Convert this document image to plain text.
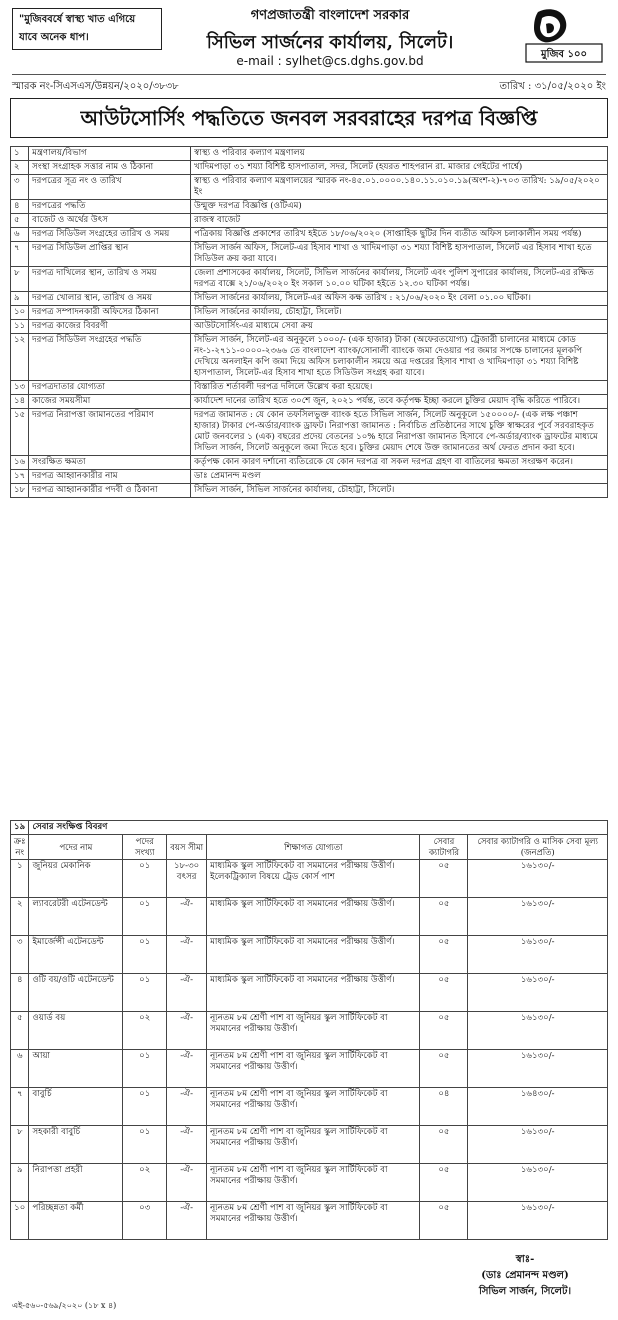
"মুজিববর্ষে স্বাস্থ্য খাত এগিয়ে যাবে অনেক ধাপ।
গণপ্রজাতন্ত্রী বাংলাদেশ সরকার
সিভিল সার্জনের কার্যালয়, সিলেট।
e-mail : sylhet@cs.dghs.gov.bd	মুজিব ১০০
স্মারক নং-সিএসএস/উন্নয়ন/২০২০/৩৮৩৮	তারিখ : ৩১/০৫/২০২০ ইং
আউটসোর্সিং পদ্ধতিতে জনবল সরবরাহের দরপত্র বিজ্ঞপ্তি
১	মন্ত্রণালয়/বিভাগ	স্বাস্থ্য ও পরিবার কল্যাণ মন্ত্রণালয়
২	সংস্থা সংগ্রাহক সত্তার নাম ও ঠিকানা	খাদিমপাড়া ৩১ শয্যা বিশিষ্ট হাসপাতাল, সদর, সিলেট (হযরত শাহপরান রা. মাজার গেইটের পার্শ্বে)
৩	দরপত্রের সূত্র নং ও তারিখ	স্বাস্থ্য ও পরিবার কল্যাণ মন্ত্রণালয়ের স্মারক নং-৪৫.০১.০০০০.১৪০.১১.০১০.১৯(অংশ-২)-৭০৩ তারিখ: ১৯/০৫/২০২০ ইং
৪	দরপত্রের পদ্ধতি	উন্মুক্ত দরপত্র বিজ্ঞপ্তি (ওটিএম)
৫	বাজেট ও অর্থের উৎস	রাজস্ব বাজেট
৬	দরপত্র সিডিউল সংগ্রহের তারিখ ও সময়	পত্রিকায় বিজ্ঞপ্তি প্রকাশের তারিখ হইতে ১৮/০৬/২০২০ (সাপ্তাহিক ছুটির দিন ব্যতীত অফিস চলাকালীন সময় পর্যন্ত)
৭	দরপত্র সিডিউল প্রাপ্তির স্থান	সিভিল সার্জন অফিস, সিলেট-এর হিসাব শাখা ও খাদিমপাড়া ৩১ শয্যা বিশিষ্ট হাসপাতাল, সিলেট এর হিসাব শাখা হতে সিডিউল ক্রয় করা যাবে।
৮	দরপত্র দাখিলের স্থান, তারিখ ও সময়	জেলা প্রশাসকের কার্যালয়, সিলেট, সিভিল সার্জনের কার্যালয়, সিলেট এবং পুলিশ সুপারের কার্যালয়, সিলেট-এর রক্ষিত দরপত্র বাক্সে ২১/০৬/২০২০ ইং সকাল ১০.০০ ঘটিকা হইতে ১২.৩০ ঘটিকা পর্যন্ত।
৯	দরপত্র খোলার স্থান, তারিখ ও সময়	সিভিল সার্জনের কার্যালয়, সিলেট-এর অফিস কক্ষ তারিখ : ২১/০৬/২০২০ ইং বেলা ০১.০০ ঘটিকা।
১০	দরপত্র সম্পাদনকারী অফিসের ঠিকানা	সিভিল সার্জনের কার্যালয়, চৌহাট্টা, সিলেট।
১১	দরপত্র কাজের বিবরণী	আউটসোর্সিং-এর মাধ্যমে সেবা ক্রয়
১২	দরপত্র সিডিউল সংগ্রহের পদ্ধতি	সিভিল সার্জন, সিলেট-এর অনুকূলে ১০০০/- (এক হাজার) টাকা (অফেরতযোগ্য) ট্রেজারী চালানের মাধ্যমে কোড নং-১-২৭১১-০০০০-২৩৬৬ তে বাংলাদেশ ব্যাংক/সোনালী ব্যাংকে জমা দেওয়ার পর জমার সপক্ষে চালানের মূলকপি দেখিয়ে অনলাইন কপি জমা দিয়ে অফিস চলাকালীন সময়ে অত্র দপ্তরের হিসাব শাখা ও খাদিমপাড়া ৩১ শয্যা বিশিষ্ট হাসপাতাল, সিলেট-এর হিসাব শাখা হতে সিডিউল সংগ্রহ করা যাবে।
১৩	দরপত্রদাতার যোগ্যতা	বিস্তারিত শর্তাবলী দরপত্র দলিলে উল্লেখ করা হয়েছে।
১৪	কাজের সময়সীমা	কার্যাদেশ দানের তারিখ হতে ৩০শে জুন, ২০২১ পর্যন্ত, তবে কর্তৃপক্ষ ইচ্ছা করলে চুক্তির মেয়াদ বৃদ্ধি করিতে পারিবে।
১৫	দরপত্র নিরাপত্তা জামানতের পরিমাণ	দরপত্র জামানত : যে কোন তফসিলভুক্ত ব্যাংক হতে সিভিল সার্জন, সিলেট অনুকূলে ১৫০০০০/- (এক লক্ষ পঞ্চাশ হাজার) টাকার পে-অর্ডার/ব্যাংক ড্রাফট। নিরাপত্তা জামানত : নির্বাচিত প্রতিষ্ঠানের সাথে চুক্তি স্বাক্ষরের পূর্বে সরবরাহকৃত মোট জনবলের ১ (এক) বছরের প্রদেয় বেতনের ১০% হারে নিরাপত্তা জামানত হিসাবে পে-অর্ডার/ব্যাংক ড্রাফটের মাধ্যমে সিভিল সার্জন, সিলেট অনুকূলে জমা দিতে হবে। চুক্তির মেয়াদ শেষে উক্ত জামানতের অর্থ ফেরত প্রদান করা হবে।
১৬	সংরক্ষিত ক্ষমতা	কর্তৃপক্ষ কোন কারণ দর্শানো ব্যতিরেকে যে কোন দরপত্র বা সকল দরপত্র গ্রহণ বা বাতিলের ক্ষমতা সংরক্ষণ করেন।
১৭	দরপত্র আহ্বানকারীর নাম	ডাঃ প্রেমানন্দ মণ্ডল
১৮	দরপত্র আহ্বানকারীর পদবী ও ঠিকানা	সিভিল সার্জন, সিভিল সার্জনের কার্যালয়, চৌহাট্টা, সিলেট।
১৯	সেবার সংক্ষিপ্ত বিবরণ					
ক্রঃ নং	পদের নাম	পদের সংখ্যা	বয়স সীমা	শিক্ষাগত যোগ্যতা	সেবার ক্যাটাগরি	সেবার ক্যাটাগরি ও মাসিক সেবা মূল্য (জনপ্রতি)
১	জুনিয়র মেকানিক	০১	১৮-৩০ বৎসর	মাধ্যমিক স্কুল সার্টিফিকেট বা সমমানের পরীক্ষায় উত্তীর্ণ। ইলেকট্রিক্যাল বিষয়ে ট্রেড কোর্স পাশ	০৫	১৬১৩০/-
২	ল্যাবরেটরী এটেনডেন্ট	০১	-ঐ-	মাধ্যমিক স্কুল সার্টিফিকেট বা সমমানের পরীক্ষায় উত্তীর্ণ।	০৫	১৬১৩০/-
৩	ইমার্জেন্সী এটেনডেন্ট	০১	-ঐ-	মাধ্যমিক স্কুল সার্টিফিকেট বা সমমানের পরীক্ষায় উত্তীর্ণ।	০৫	১৬১৩০/-
৪	ওটি বয়/ওটি এটেনডেন্ট	০১	-ঐ-	মাধ্যমিক স্কুল সার্টিফিকেট বা সমমানের পরীক্ষায় উত্তীর্ণ।	০৫	১৬১৩০/-
৫	ওয়ার্ড বয়	০২	-ঐ-	ন্যূনতম ৮ম শ্রেণী পাশ বা জুনিয়র স্কুল সার্টিফিকেট বা সমমানের পরীক্ষায় উত্তীর্ণ।	০৫	১৬১৩০/-
৬	আয়া	০১	-ঐ-	ন্যূনতম ৮ম শ্রেণী পাশ বা জুনিয়র স্কুল সার্টিফিকেট বা সমমানের পরীক্ষায় উত্তীর্ণ।	০৫	১৬১৩০/-
৭	বাবুর্চি	০১	-ঐ-	ন্যূনতম ৮ম শ্রেণী পাশ বা জুনিয়র স্কুল সার্টিফিকেট বা সমমানের পরীক্ষায় উত্তীর্ণ।	০৪	১৬৪৩০/-
৮	সহকারী বাবুর্চি	০১	-ঐ-	ন্যূনতম ৮ম শ্রেণী পাশ বা জুনিয়র স্কুল সার্টিফিকেট বা সমমানের পরীক্ষায় উত্তীর্ণ।	০৫	১৬১৩০/-
৯	নিরাপত্তা প্রহরী	০২	-ঐ-	ন্যূনতম ৮ম শ্রেণী পাশ বা জুনিয়র স্কুল সার্টিফিকেট বা সমমানের পরীক্ষায় উত্তীর্ণ।	০৫	১৬১৩০/-
১০	পরিচ্ছন্নতা কর্মী	০৩	-ঐ-	ন্যূনতম ৮ম শ্রেণী পাশ বা জুনিয়র স্কুল সার্টিফিকেট বা সমমানের পরীক্ষায় উত্তীর্ণ।	০৫	১৬১৩০/-
স্বাঃ-
(ডাঃ প্রেমানন্দ মণ্ডল)
সিভিল সার্জন, সিলেট।
এই-৫৬০-৫৬৯/২০২০ (১৮ x ৪)
